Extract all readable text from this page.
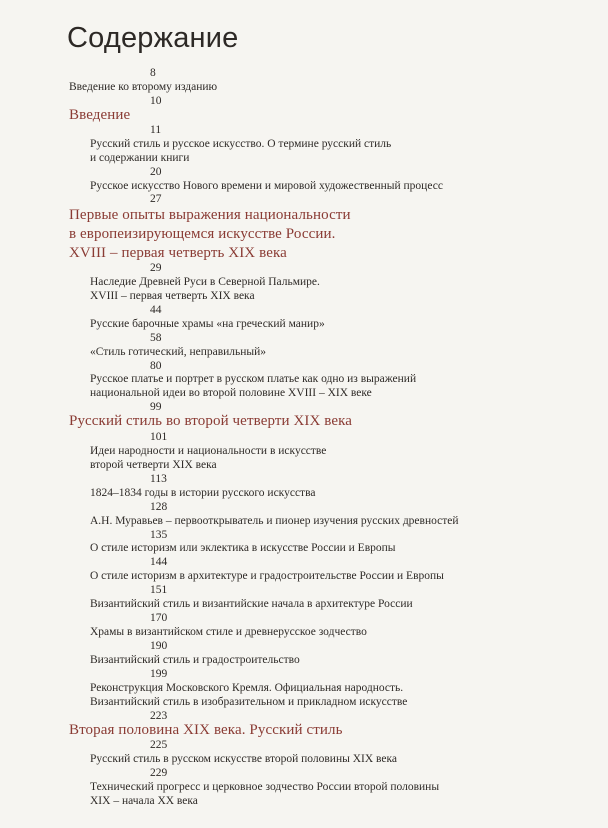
Содержание
8
Введение ко второму изданию
10
Введение
11
Русский стиль и русское искусство. О термине русский стиль
и содержании книги
20
Русское искусство Нового времени и мировой художественный процесс
27
Первые опыты выражения национальности
в европеизирующемся искусстве России.
XVIII – первая четверть XIX века
29
Наследие Древней Руси в Северной Пальмире.
XVIII – первая четверть XIX века
44
Русские барочные храмы «на греческий манир»
58
«Стиль готический, неправильный»
80
Русское платье и портрет в русском платье как одно из выражений
национальной идеи во второй половине XVIII – XIX веке
99
Русский стиль во второй четверти XIX века
101
Идеи народности и национальности в искусстве
второй четверти XIX века
113
1824–1834 годы в истории русского искусства
128
А.Н. Муравьев – первооткрыватель и пионер изучения русских древностей
135
О стиле историзм или эклектика в искусстве России и Европы
144
О стиле историзм в архитектуре и градостроительстве России и Европы
151
Византийский стиль и византийские начала в архитектуре России
170
Храмы в византийском стиле и древнерусское зодчество
190
Византийский стиль и градостроительство
199
Реконструкция Московского Кремля. Официальная народность.
Византийский стиль в изобразительном и прикладном искусстве
223
Вторая половина XIX века. Русский стиль
225
Русский стиль в русском искусстве второй половины XIX века
229
Технический прогресс и церковное зодчество России второй половины
XIX – начала XX века
